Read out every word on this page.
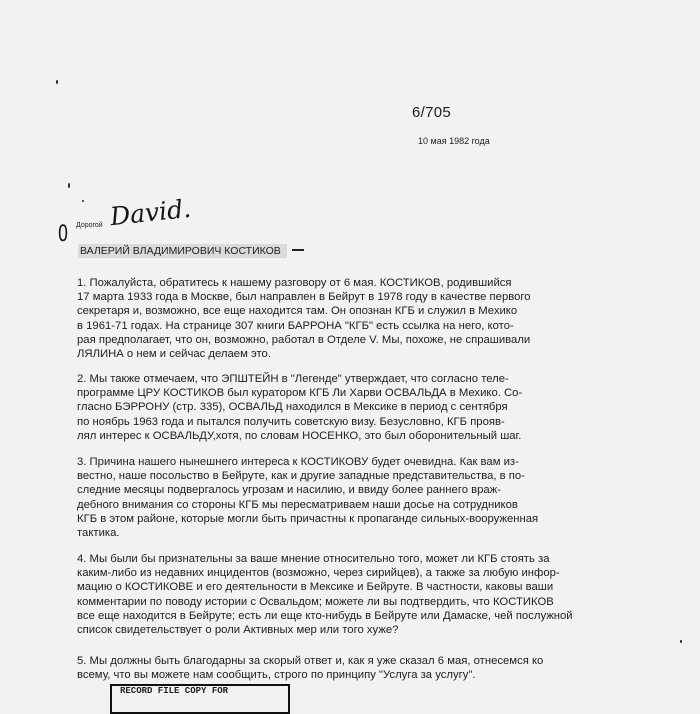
6/705
10 мая 1982 года
0 Дорогой David.
ВАЛЕРИЙ ВЛАДИМИРОВИЧ КОСТИКОВ
1. Пожалуйста, обратитесь к нашему разговору от 6 мая. КОСТИКОВ, родившийся
17 марта 1933 года в Москве, был направлен в Бейрут в 1978 году в качестве первого
секретаря и, возможно, все еще находится там. Он опознан КГБ и служил в Мехико
в 1961-71 годах. На странице 307 книги БАРРОНА "КГБ" есть ссылка на него, кото-
рая предполагает, что он, возможно, работал в Отделе V. Мы, похоже, не спрашивали
ЛЯЛИНА о нем и сейчас делаем это.
2. Мы также отмечаем, что ЭПШТЕЙН в "Легенде" утверждает, что согласно теле-
программе ЦРУ КОСТИКОВ был куратором КГБ Ли Харви ОСВАЛЬДА в Мехико. Со-
гласно БЭРРОНУ (стр. 335), ОСВАЛЬД находился в Мексике в период с сентября
по ноябрь 1963 года и пытался получить советскую визу. Безусловно, КГБ прояв-
лял интерес к ОСВАЛЬДУ,хотя, по словам НОСЕНКО, это был оборонительный шаг.
3. Причина нашего нынешнего интереса к КОСТИКОВУ будет очевидна. Как вам из-
вестно, наше посольство в Бейруте, как и другие западные представительства, в по-
следние месяцы подвергалось угрозам и насилию, и ввиду более раннего враж-
дебного внимания со стороны КГБ мы пересматриваем наши досье на сотрудников
КГБ в этом районе, которые могли быть причастны к пропаганде сильных-вооруженная
тактика.
4. Мы были бы признательны за ваше мнение относительно того, может ли КГБ стоять за
каким-либо из недавних инцидентов (возможно, через сирийцев), а также за любую инфор-
мацию о КОСТИКОВЕ и его деятельности в Мексике и Бейруте. В частности, каковы ваши
комментарии по поводу истории с Освальдом; можете ли вы подтвердить, что КОСТИКОВ
все еще находится в Бейруте; есть ли еще кто-нибудь в Бейруте или Дамаске, чей послужной
список свидетельствует о роли Активных мер или того хуже?
5. Мы должны быть благодарны за скорый ответ и, как я уже сказал 6 мая, отнесемся ко
всему, что вы можете нам сообщить, строго по принципу "Услуга за услугу".
RECORD FILE COPY FOR
